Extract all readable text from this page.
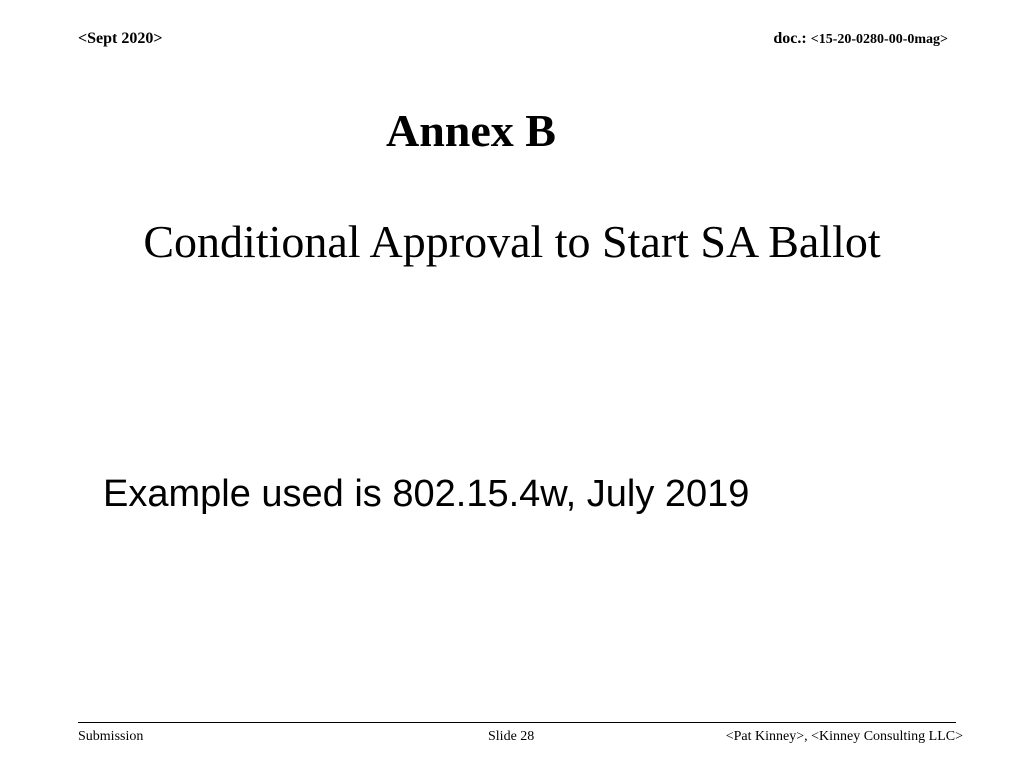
<Sept 2020>	doc.: <15-20-0280-00-0mag>
Annex B
Conditional Approval to Start SA Ballot
Example used is 802.15.4w, July 2019
Submission	Slide 28	<Pat Kinney>, <Kinney Consulting LLC>
